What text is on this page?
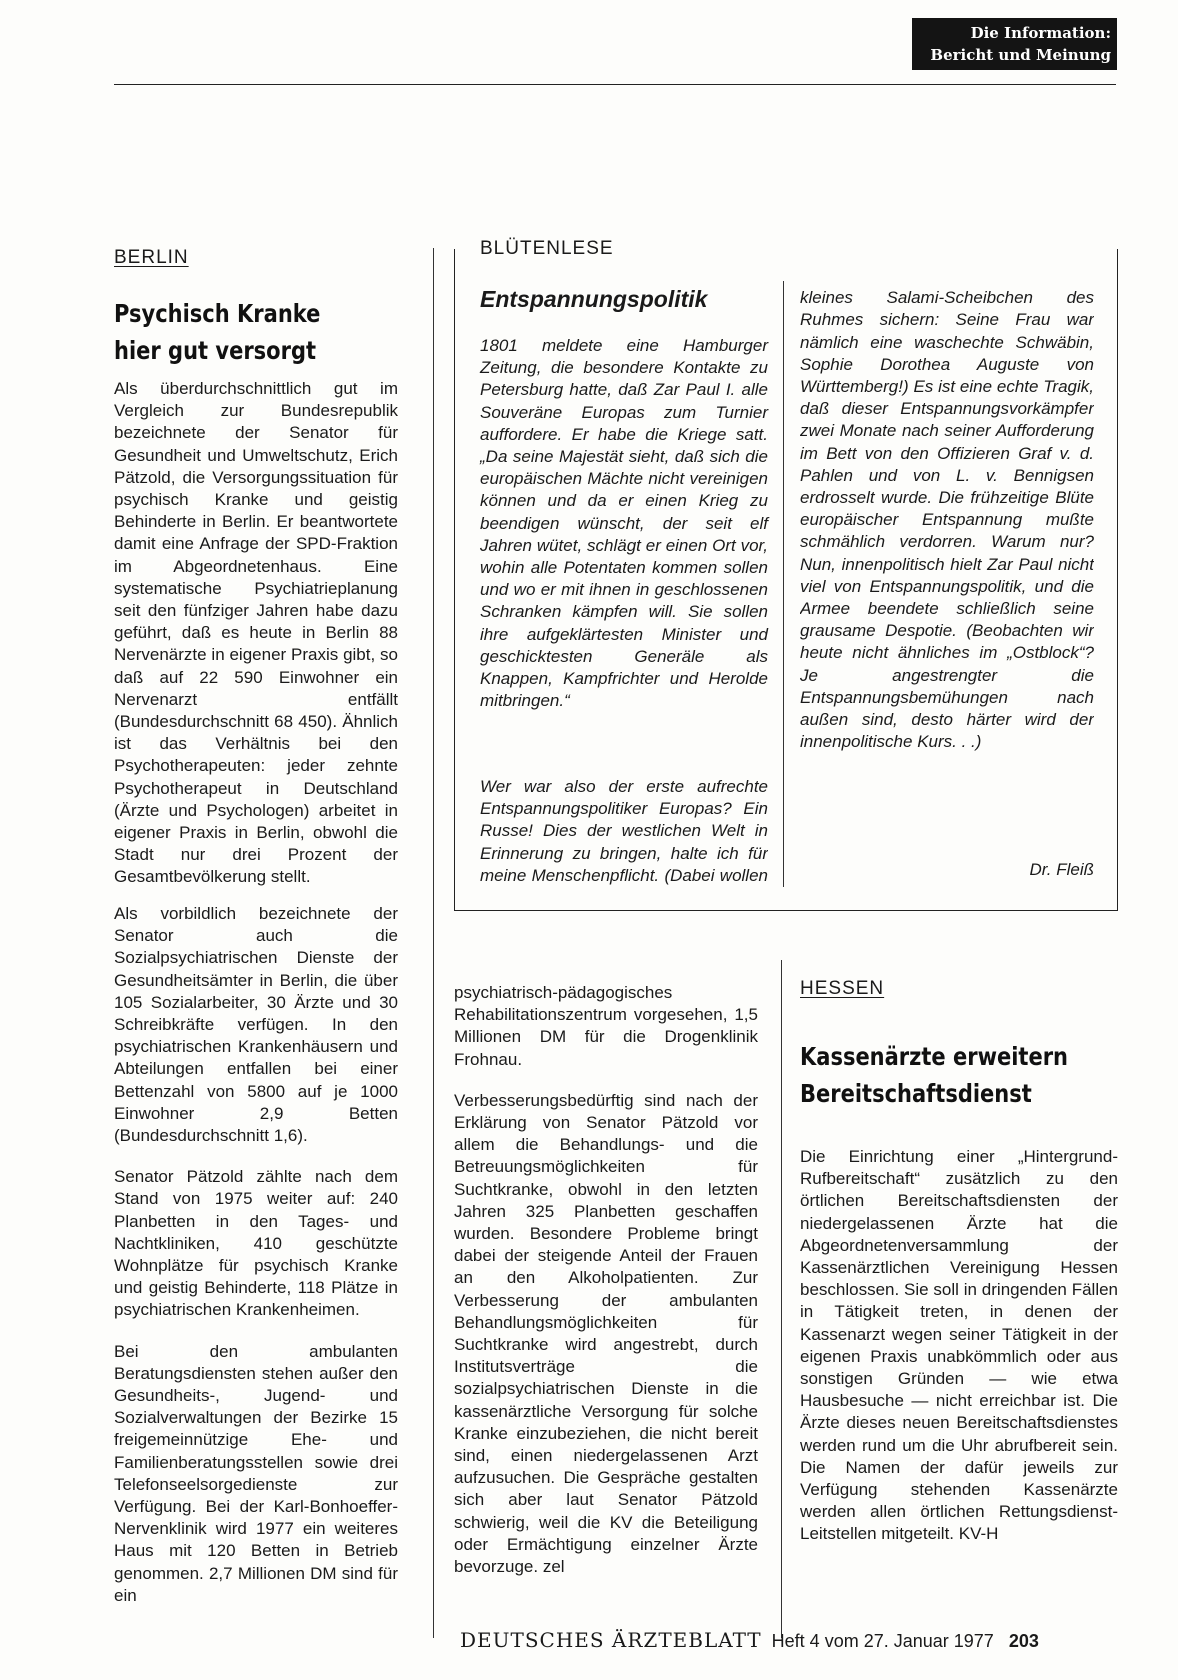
Die Information:
Bericht und Meinung
BERLIN
Psychisch Kranke
hier gut versorgt

Als überdurchschnittlich gut im Vergleich zur Bundesrepublik bezeichnete der Senator für Gesundheit und Umweltschutz, Erich Pätzold, die Versorgungssituation für psychisch Kranke und geistig Behinderte in Berlin. Er beantwortete damit eine Anfrage der SPD-Fraktion im Abgeordnetenhaus. Eine systematische Psychiatrieplanung seit den fünfziger Jahren habe dazu geführt, daß es heute in Berlin 88 Nervenärzte in eigener Praxis gibt, so daß auf 22 590 Einwohner ein Nervenarzt entfällt (Bundesdurchschnitt 68 450). Ähnlich ist das Verhältnis bei den Psychotherapeuten: jeder zehnte Psychotherapeut in Deutschland (Ärzte und Psychologen) arbeitet in eigener Praxis in Berlin, obwohl die Stadt nur drei Prozent der Gesamtbevölkerung stellt.

Als vorbildlich bezeichnete der Senator auch die Sozialpsychiatrischen Dienste der Gesundheitsämter in Berlin, die über 105 Sozialarbeiter, 30 Ärzte und 30 Schreibkräfte verfügen. In den psychiatrischen Krankenhäusern und Abteilungen entfallen bei einer Bettenzahl von 5800 auf je 1000 Einwohner 2,9 Betten (Bundesdurchschnitt 1,6).

Senator Pätzold zählte nach dem Stand von 1975 weiter auf: 240 Planbetten in den Tages- und Nachtkliniken, 410 geschützte Wohnplätze für psychisch Kranke und geistig Behinderte, 118 Plätze in psychiatrischen Krankenheimen.

Bei den ambulanten Beratungsdiensten stehen außer den Gesundheits-, Jugend- und Sozialverwaltungen der Bezirke 15 freigemeinnützige Ehe- und Familienberatungsstellen sowie drei Telefonseelsorgedienste zur Verfügung. Bei der Karl-Bonhoeffer-Nervenklinik wird 1977 ein weiteres Haus mit 120 Betten in Betrieb genommen. 2,7 Millionen DM sind für ein

BLÜTENLESE
Entspannungspolitik

1801 meldete eine Hamburger Zeitung, die besondere Kontakte zu Petersburg hatte, daß Zar Paul I. alle Souveräne Europas zum Turnier auffordere. Er habe die Kriege satt. „Da seine Majestät sieht, daß sich die europäischen Mächte nicht vereinigen können und da er einen Krieg zu beendigen wünscht, der seit elf Jahren wütet, schlägt er einen Ort vor, wohin alle Potentaten kommen sollen und wo er mit ihnen in geschlossenen Schranken kämpfen will. Sie sollen ihre aufgeklärtesten Minister und geschicktesten Generäle als Knappen, Kampfrichter und Herolde mitbringen.“

Wer war also der erste aufrechte Entspannungspolitiker Europas? Ein Russe! Dies der westlichen Welt in Erinnerung zu bringen, halte ich für meine Menschenpflicht. (Dabei wollen

kleines Salami-Scheibchen des Ruhmes sichern: Seine Frau war nämlich eine waschechte Schwäbin, Sophie Dorothea Auguste von Württemberg!) Es ist eine echte Tragik, daß dieser Entspannungsvorkämpfer zwei Monate nach seiner Aufforderung im Bett von den Offizieren Graf v. d. Pahlen und von L. v. Bennigsen erdrosselt wurde. Die frühzeitige Blüte europäischer Entspannung mußte schmählich verdorren. Warum nur? Nun, innenpolitisch hielt Zar Paul nicht viel von Entspannungspolitik, und die Armee beendete schließlich seine grausame Despotie. (Beobachten wir heute nicht ähnliches im „Ostblock“? Je angestrengter die Entspannungsbemühungen nach außen sind, desto härter wird der innenpolitische Kurs. . .)

Dr. Fleiß

psychiatrisch-pädagogisches Rehabilitationszentrum vorgesehen, 1,5 Millionen DM für die Drogenklinik Frohnau.

Verbesserungsbedürftig sind nach der Erklärung von Senator Pätzold vor allem die Behandlungs- und die Betreuungsmöglichkeiten für Suchtkranke, obwohl in den letzten Jahren 325 Planbetten geschaffen wurden. Besondere Probleme bringt dabei der steigende Anteil der Frauen an den Alkoholpatienten. Zur Verbesserung der ambulanten Behandlungsmöglichkeiten für Suchtkranke wird angestrebt, durch Institutsverträge die sozialpsychiatrischen Dienste in die kassenärztliche Versorgung für solche Kranke einzubeziehen, die nicht bereit sind, einen niedergelassenen Arzt aufzusuchen. Die Gespräche gestalten sich aber laut Senator Pätzold schwierig, weil die KV die Beteiligung oder Ermächtigung einzelner Ärzte bevorzuge. zel

HESSEN
Kassenärzte erweitern
Bereitschaftsdienst

Die Einrichtung einer „Hintergrund-Rufbereitschaft“ zusätzlich zu den örtlichen Bereitschaftsdiensten der niedergelassenen Ärzte hat die Abgeordnetenversammlung der Kassenärztlichen Vereinigung Hessen beschlossen. Sie soll in dringenden Fällen in Tätigkeit treten, in denen der Kassenarzt wegen seiner Tätigkeit in der eigenen Praxis unabkömmlich oder aus sonstigen Gründen — wie etwa Hausbesuche — nicht erreichbar ist. Die Ärzte dieses neuen Bereitschaftsdienstes werden rund um die Uhr abrufbereit sein. Die Namen der dafür jeweils zur Verfügung stehenden Kassenärzte werden allen örtlichen Rettungsdienst-Leitstellen mitgeteilt. KV-H

DEUTSCHES ÄRZTEBLATT Heft 4 vom 27. Januar 1977 203
